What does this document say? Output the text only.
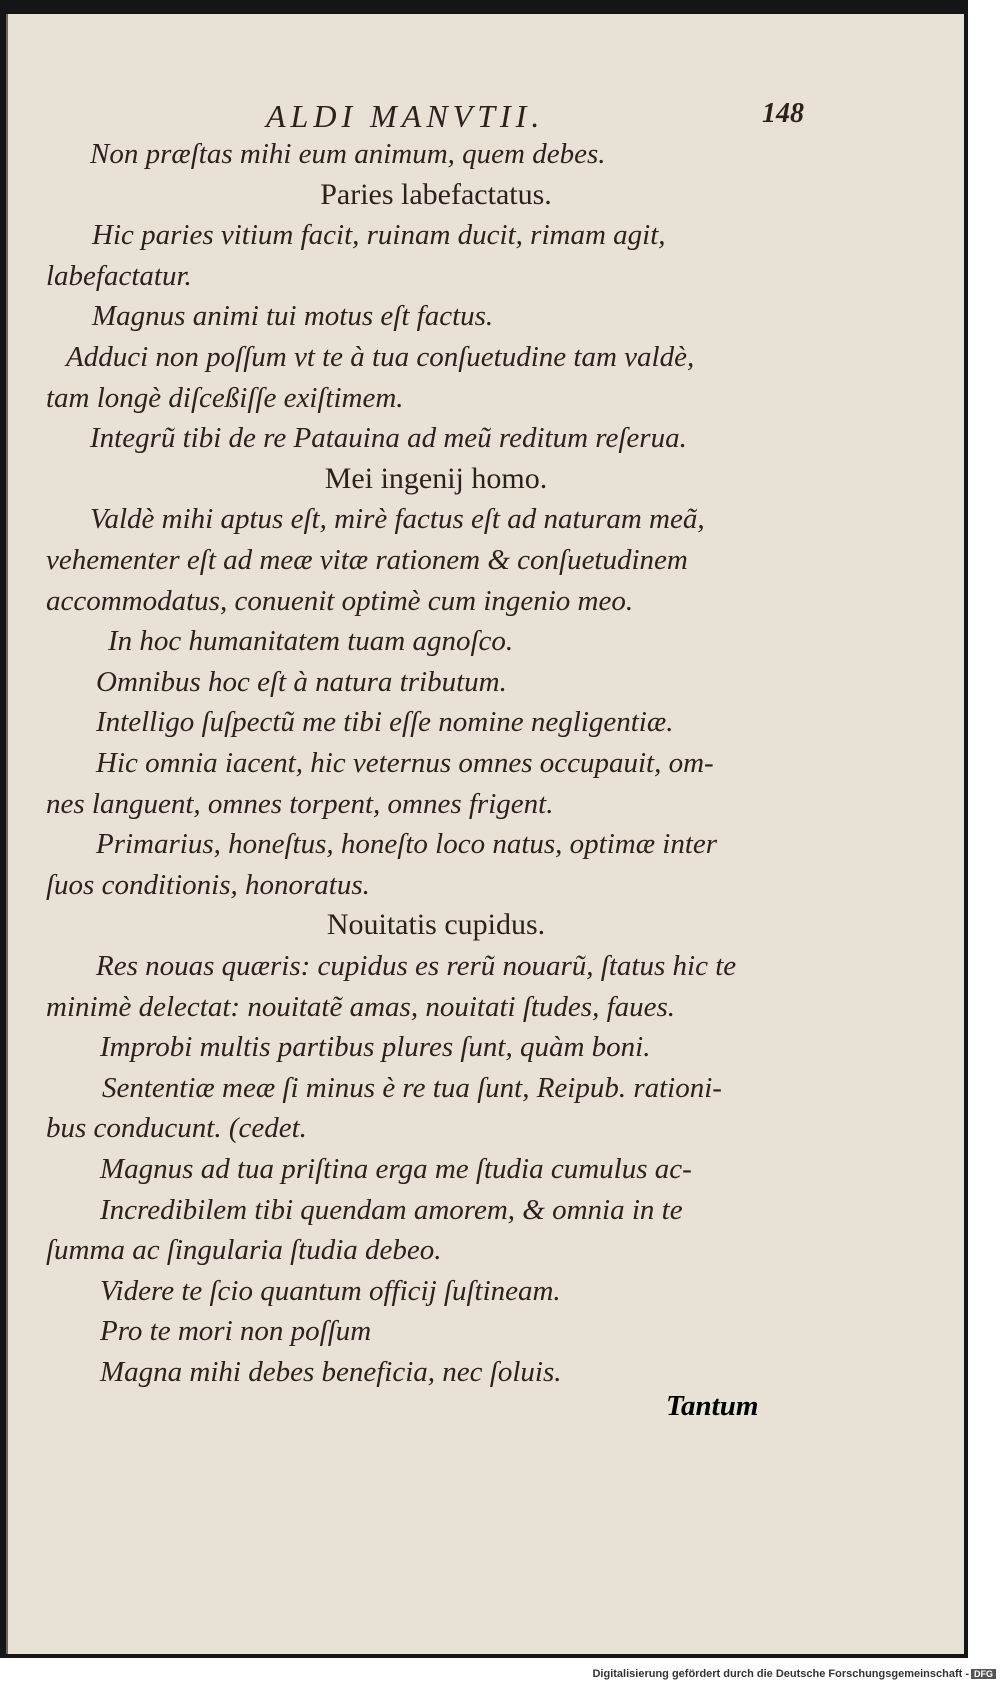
ALDI MANVTII.	148
Non præſtas mihi eum animum, quem debes.
Paries labefactatus.
Hic paries vitium facit, ruinam ducit, rimam agit,
labefactatur.
Magnus animi tui motus eſt factus.
Adduci non poſſum vt te à tua conſuetudine tam valdè,
tam longè diſceßiſſe exiſtimem.
Integrũ tibi de re Patauina ad meũ reditum reſerua.
Mei ingenij homo.
Valdè mihi aptus eſt, mirè factus eſt ad naturam meã,
vehementer eſt ad meæ vitæ rationem & conſuetudinem
accommodatus, conuenit optimè cum ingenio meo.
In hoc humanitatem tuam agnoſco.
Omnibus hoc eſt à natura tributum.
Intelligo ſuſpectũ me tibi eſſe nomine negligentiæ.
Hic omnia iacent, hic veternus omnes occupauit, om-
nes languent, omnes torpent, omnes frigent.
Primarius, honeſtus, honeſto loco natus, optimæ inter
ſuos conditionis, honoratus.
Nouitatis cupidus.
Res nouas quæris: cupidus es rerũ nouarũ, ſtatus hic te
minimè delectat: nouitatẽ amas, nouitati ſtudes, faues.
Improbi multis partibus plures ſunt, quàm boni.
Sententiæ meæ ſi minus è re tua ſunt, Reipub. rationi-
bus conducunt. (cedet.
Magnus ad tua priſtina erga me ſtudia cumulus ac-
Incredibilem tibi quendam amorem, & omnia in te
ſumma ac ſingularia ſtudia debeo.
Videre te ſcio quantum officij ſuſtineam.
Pro te mori non poſſum
Magna mihi debes beneficia, nec ſoluis.
Tantum
Digitalisierung gefördert durch die Deutsche Forschungsgemeinschaft - DFG
